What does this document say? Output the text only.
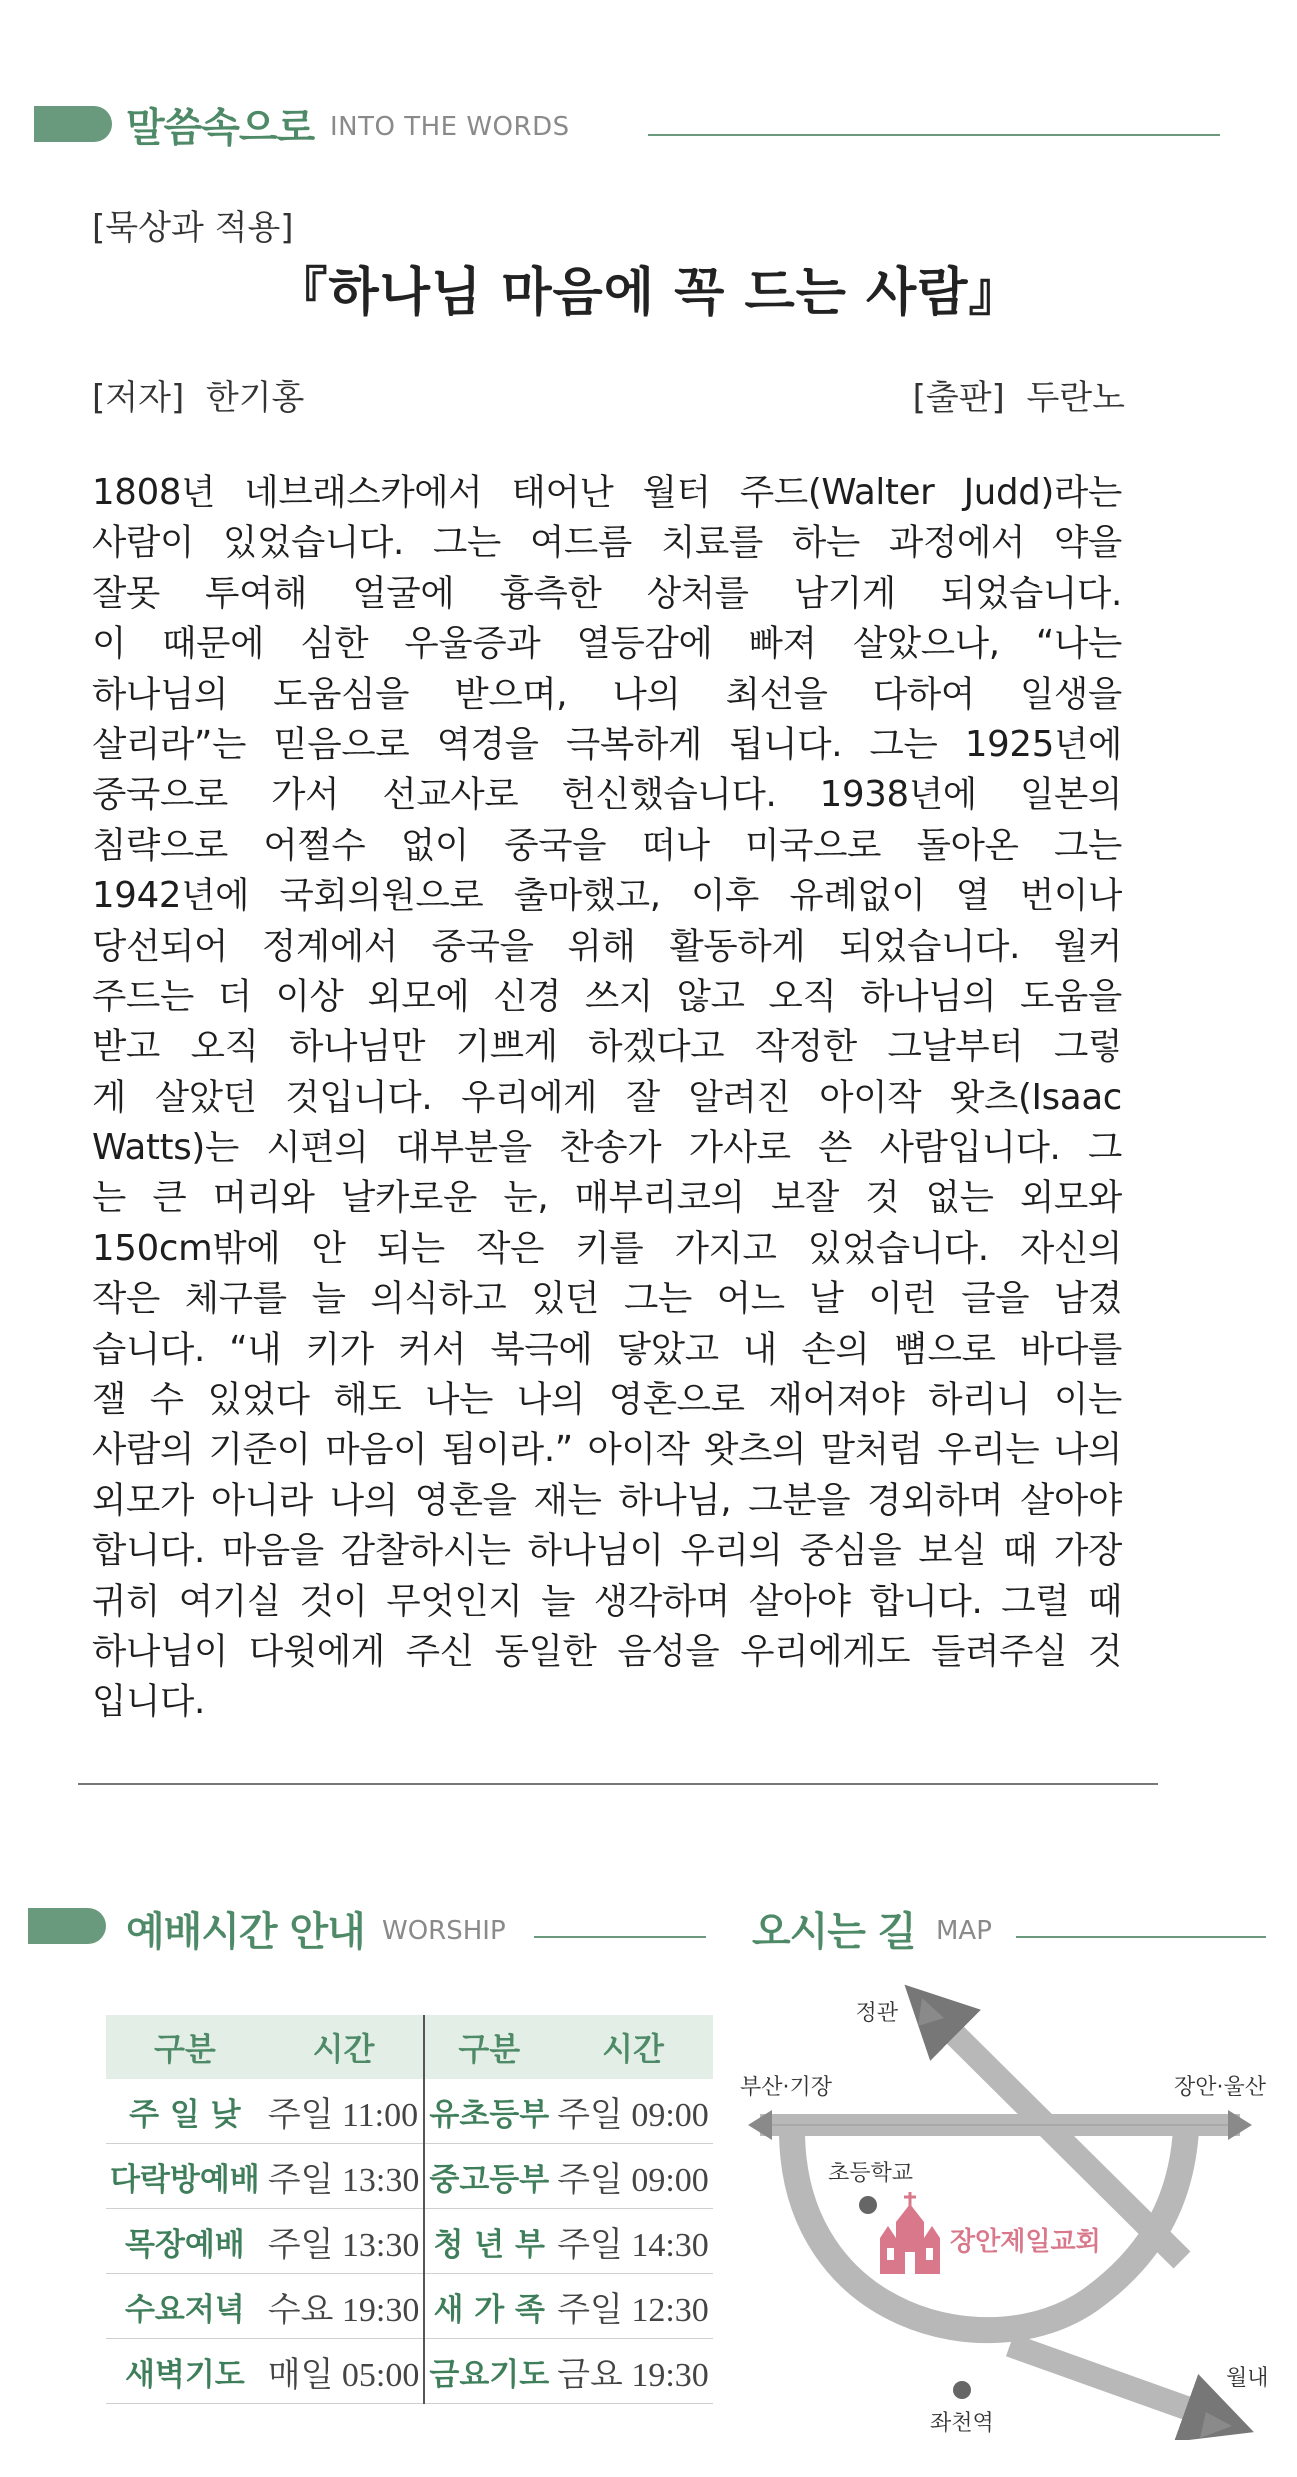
말씀속으로 INTO THE WORDS
[묵상과 적용]
『하나님 마음에 꼭 드는 사람』
[저자] 한기홍	[출판] 두란노
1808년 네브래스카에서 태어난 월터 주드(Walter Judd)라는
사람이 있었습니다. 그는 여드름 치료를 하는 과정에서 약을
잘못 투여해 얼굴에 흉측한 상처를 남기게 되었습니다.
이 때문에 심한 우울증과 열등감에 빠져 살았으나, “나는
하나님의 도움심을 받으며, 나의 최선을 다하여 일생을
살리라”는 믿음으로 역경을 극복하게 됩니다. 그는 1925년에
중국으로 가서 선교사로 헌신했습니다. 1938년에 일본의
침략으로 어쩔수 없이 중국을 떠나 미국으로 돌아온 그는
1942년에 국회의원으로 출마했고, 이후 유례없이 열 번이나
당선되어 정계에서 중국을 위해 활동하게 되었습니다. 월커
주드는 더 이상 외모에 신경 쓰지 않고 오직 하나님의 도움을
받고 오직 하나님만 기쁘게 하겠다고 작정한 그날부터 그렇
게 살았던 것입니다. 우리에게 잘 알려진 아이작 왓츠(Isaac
Watts)는 시편의 대부분을 찬송가 가사로 쓴 사람입니다. 그
는 큰 머리와 날카로운 눈, 매부리코의 보잘 것 없는 외모와
150cm밖에 안 되는 작은 키를 가지고 있었습니다. 자신의
작은 체구를 늘 의식하고 있던 그는 어느 날 이런 글을 남겼
습니다. “내 키가 커서 북극에 닿았고 내 손의 뼘으로 바다를
잴 수 있었다 해도 나는 나의 영혼으로 재어져야 하리니 이는
사람의 기준이 마음이 됨이라.” 아이작 왓츠의 말처럼 우리는 나의
외모가 아니라 나의 영혼을 재는 하나님, 그분을 경외하며 살아야
합니다. 마음을 감찰하시는 하나님이 우리의 중심을 보실 때 가장
귀히 여기실 것이 무엇인지 늘 생각하며 살아야 합니다. 그럴 때
하나님이 다윗에게 주신 동일한 음성을 우리에게도 들려주실 것
입니다.
예배시간 안내 WORSHIP	오시는 길 MAP
구분	시간	구분	시간
주 일 낮	주일 11:00	유초등부	주일 09:00
다락방예배	주일 13:30	중고등부	주일 09:00
목장예배	주일 13:30	청 년 부	주일 14:30
수요저녁	수요 19:30	새 가 족	주일 12:30
새벽기도	매일 05:00	금요기도	금요 19:30
정관
부산·기장	장안·울산
초등학교
장안제일교회
월내
좌천역
